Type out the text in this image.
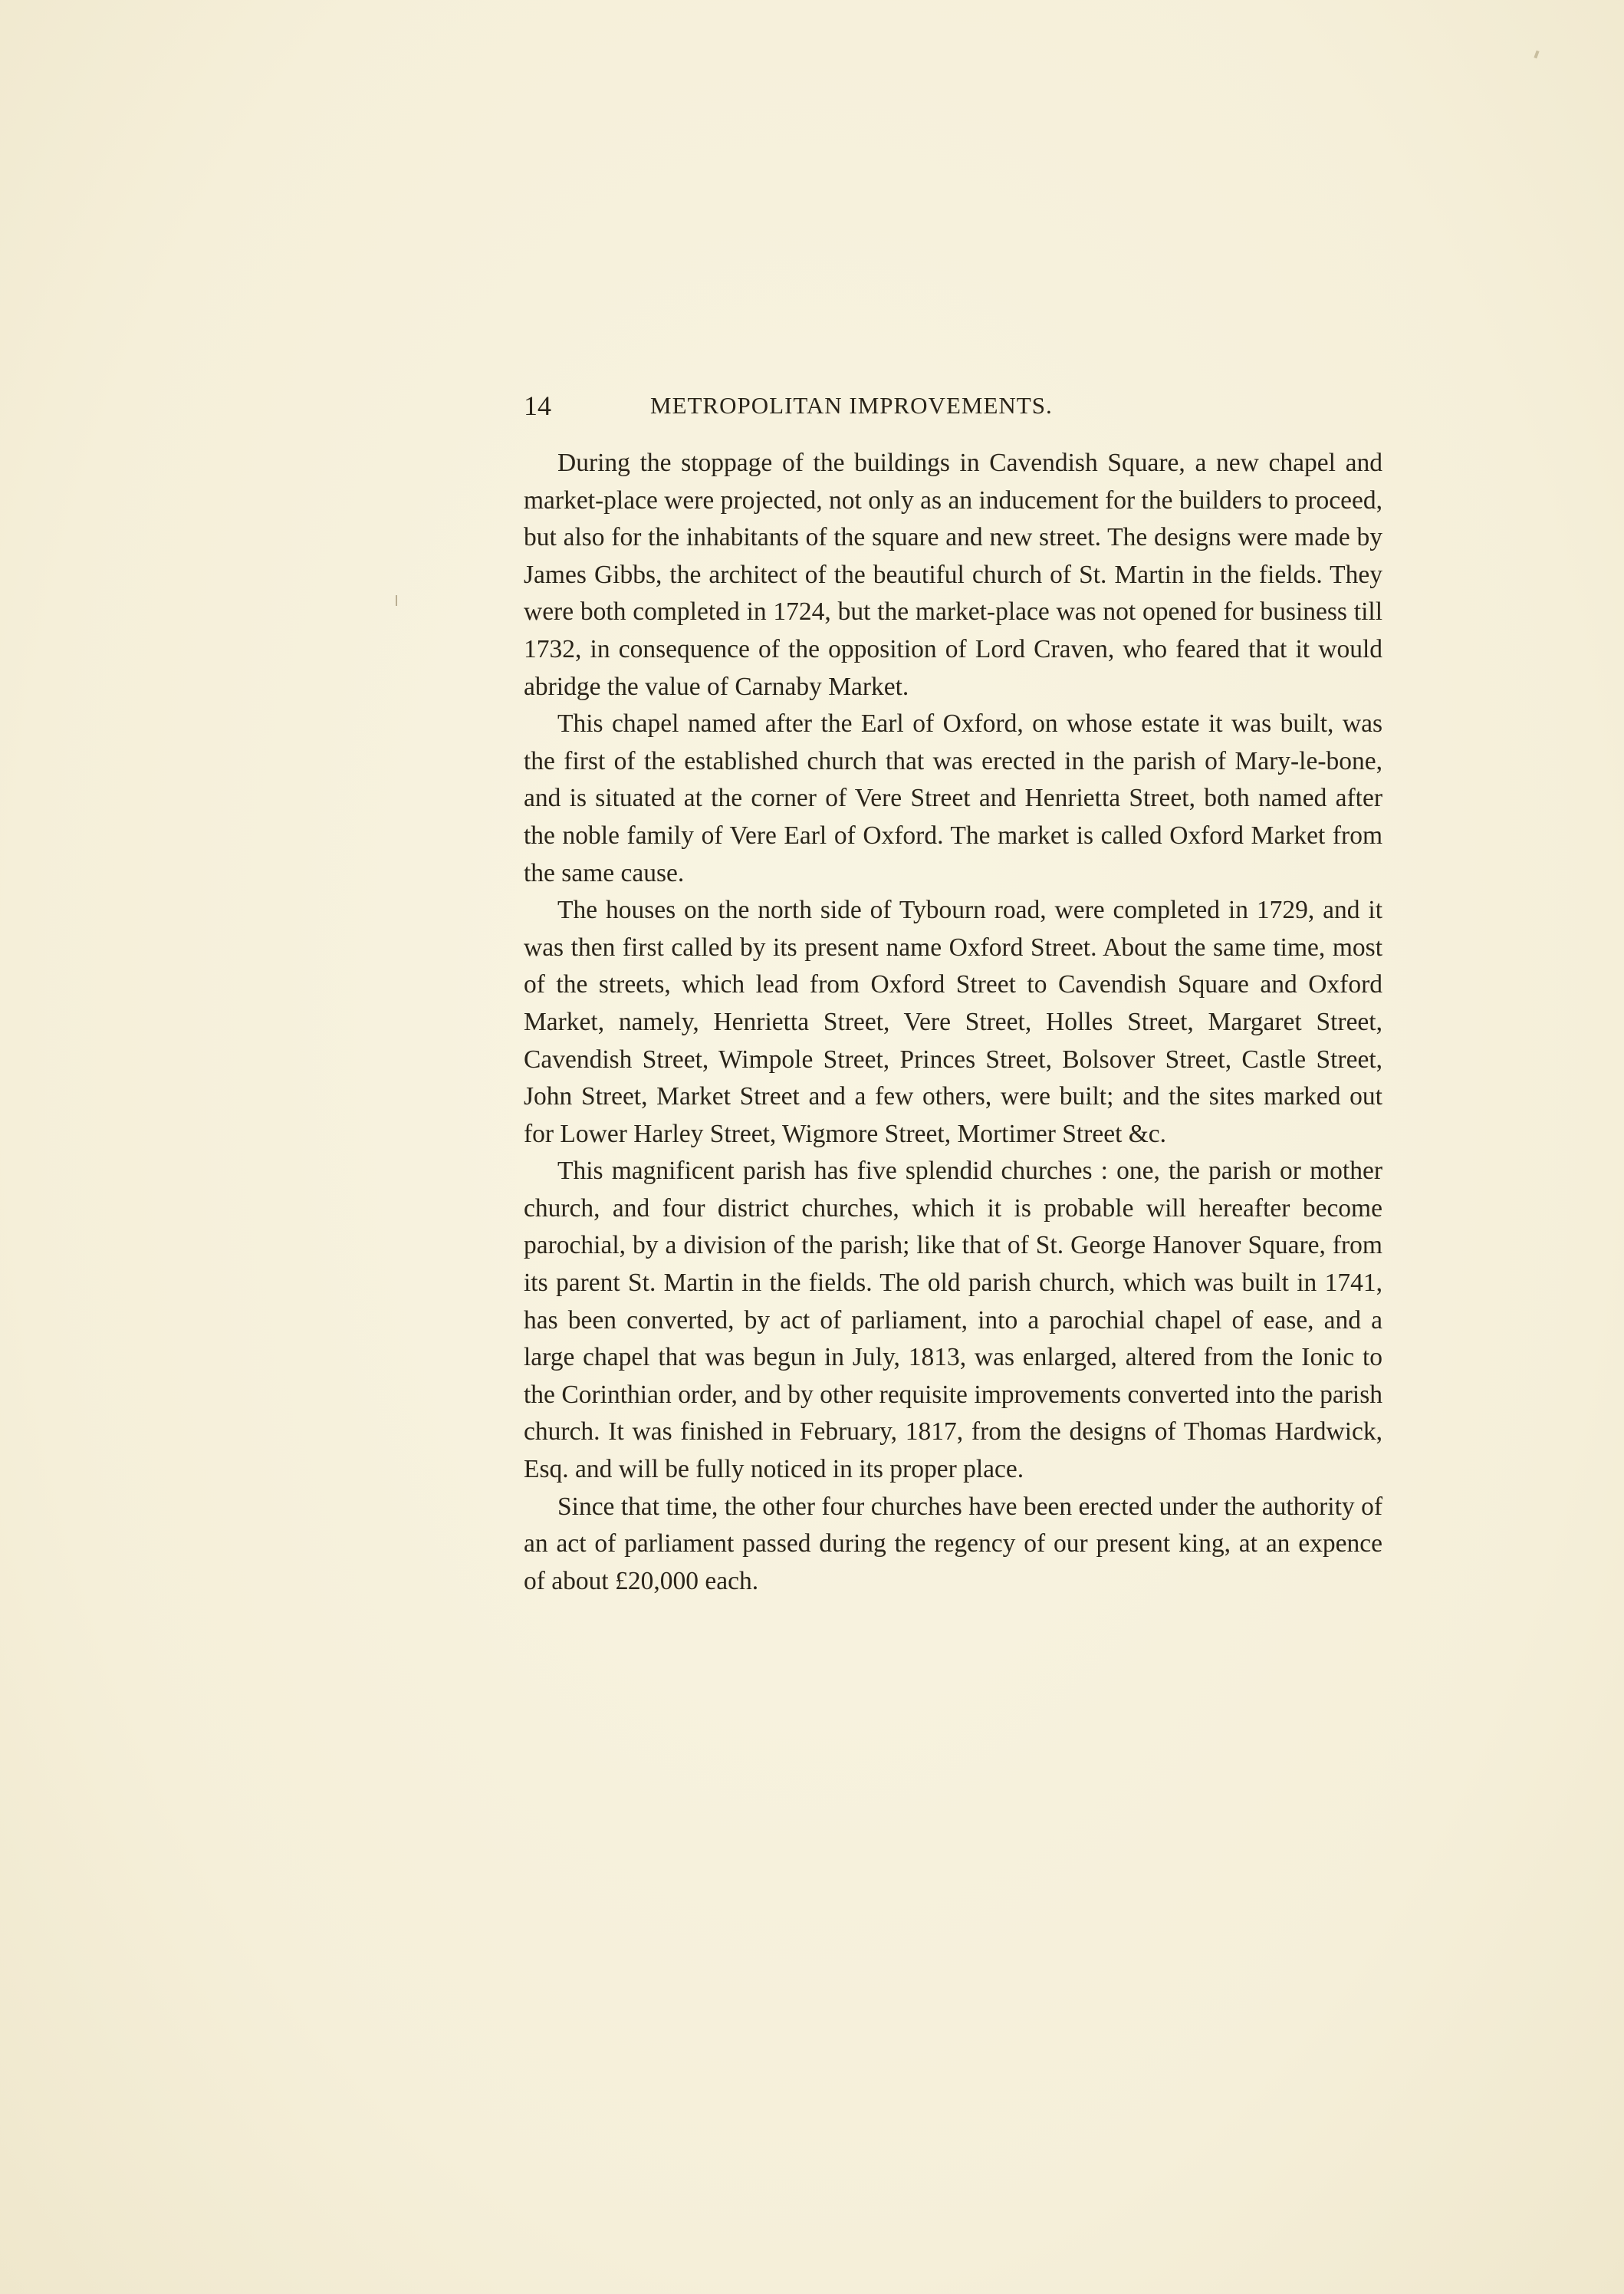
14	METROPOLITAN IMPROVEMENTS.

During the stoppage of the buildings in Cavendish Square, a new chapel and market-place were projected, not only as an inducement for the builders to proceed, but also for the inhabitants of the square and new street. The designs were made by James Gibbs, the architect of the beautiful church of St. Martin in the fields. They were both completed in 1724, but the market-place was not opened for business till 1732, in consequence of the opposition of Lord Craven, who feared that it would abridge the value of Carnaby Market.

This chapel named after the Earl of Oxford, on whose estate it was built, was the first of the established church that was erected in the parish of Mary-le-bone, and is situated at the corner of Vere Street and Henrietta Street, both named after the noble family of Vere Earl of Oxford. The market is called Oxford Market from the same cause.

The houses on the north side of Tybourn road, were completed in 1729, and it was then first called by its present name Oxford Street. About the same time, most of the streets, which lead from Oxford Street to Cavendish Square and Oxford Market, namely, Henrietta Street, Vere Street, Holles Street, Margaret Street, Cavendish Street, Wimpole Street, Princes Street, Bolsover Street, Castle Street, John Street, Market Street and a few others, were built; and the sites marked out for Lower Harley Street, Wigmore Street, Mortimer Street &c.

This magnificent parish has five splendid churches : one, the parish or mother church, and four district churches, which it is probable will hereafter become parochial, by a division of the parish; like that of St. George Hanover Square, from its parent St. Martin in the fields. The old parish church, which was built in 1741, has been converted, by act of parliament, into a parochial chapel of ease, and a large chapel that was begun in July, 1813, was enlarged, altered from the Ionic to the Corinthian order, and by other requisite improvements converted into the parish church. It was finished in February, 1817, from the designs of Thomas Hardwick, Esq. and will be fully noticed in its proper place.

Since that time, the other four churches have been erected under the authority of an act of parliament passed during the regency of our present king, at an expence of about £20,000 each.
